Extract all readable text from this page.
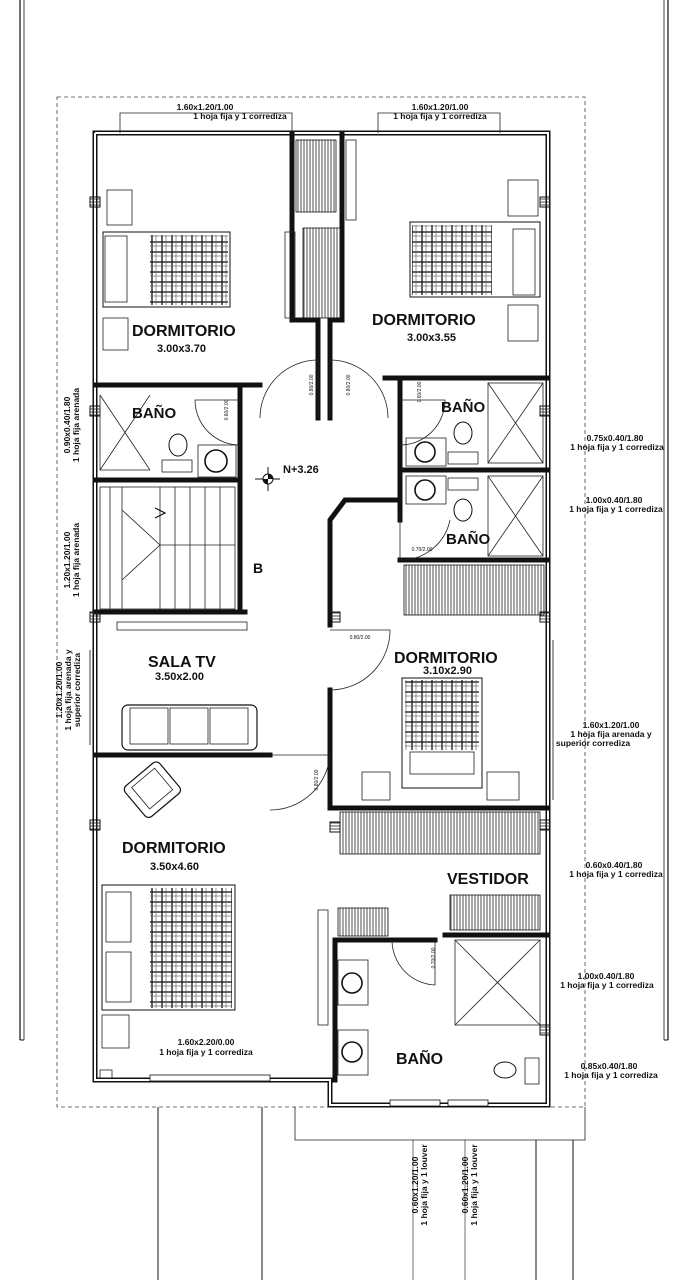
N+3.26
B
DORMITORIO
3.00x3.70
DORMITORIO
3.00x3.55
BAÑO	BAÑO
BAÑO
SALA TV
3.50x2.00
DORMITORIO
3.10x2.90
DORMITORIO
3.50x4.60
VESTIDOR
BAÑO
1.60x1.20/1.00
1 hoja fija y 1 corrediza
1.60x1.20/1.00
1 hoja fija y 1 corrediza
0.75x0.40/1.80
1 hoja fija y 1 corrediza
1.00x0.40/1.80
1 hoja fija y 1 corrediza
1.60x1.20/1.00
1 hoja fija arenada y
superior corrediza
0.60x0.40/1.80
1 hoja fija y 1 corrediza
1.00x0.40/1.80
1 hoja fija y 1 corrediza
0.85x0.40/1.80
1 hoja fija y 1 corrediza
1.60x2.20/0.00
1 hoja fija y 1 corrediza
0.90x0.40/1.80 1 hoja fija arenada
1.20x1.20/1.00 1 hoja fija arenada
1.20x1.20/1.00 1 hoja fija arenada y superior corrediza
0.60x1.20/1.00 1 hoja fija y 1 louver	0.60x1.20/1.00 1 hoja fija y 1 louver
0.80/2.00	0.80/2.00
0.60/2.00
0.60/2.00
0.70/2.00
0.80/2.00
0.80/2.00
0.70/2.00
